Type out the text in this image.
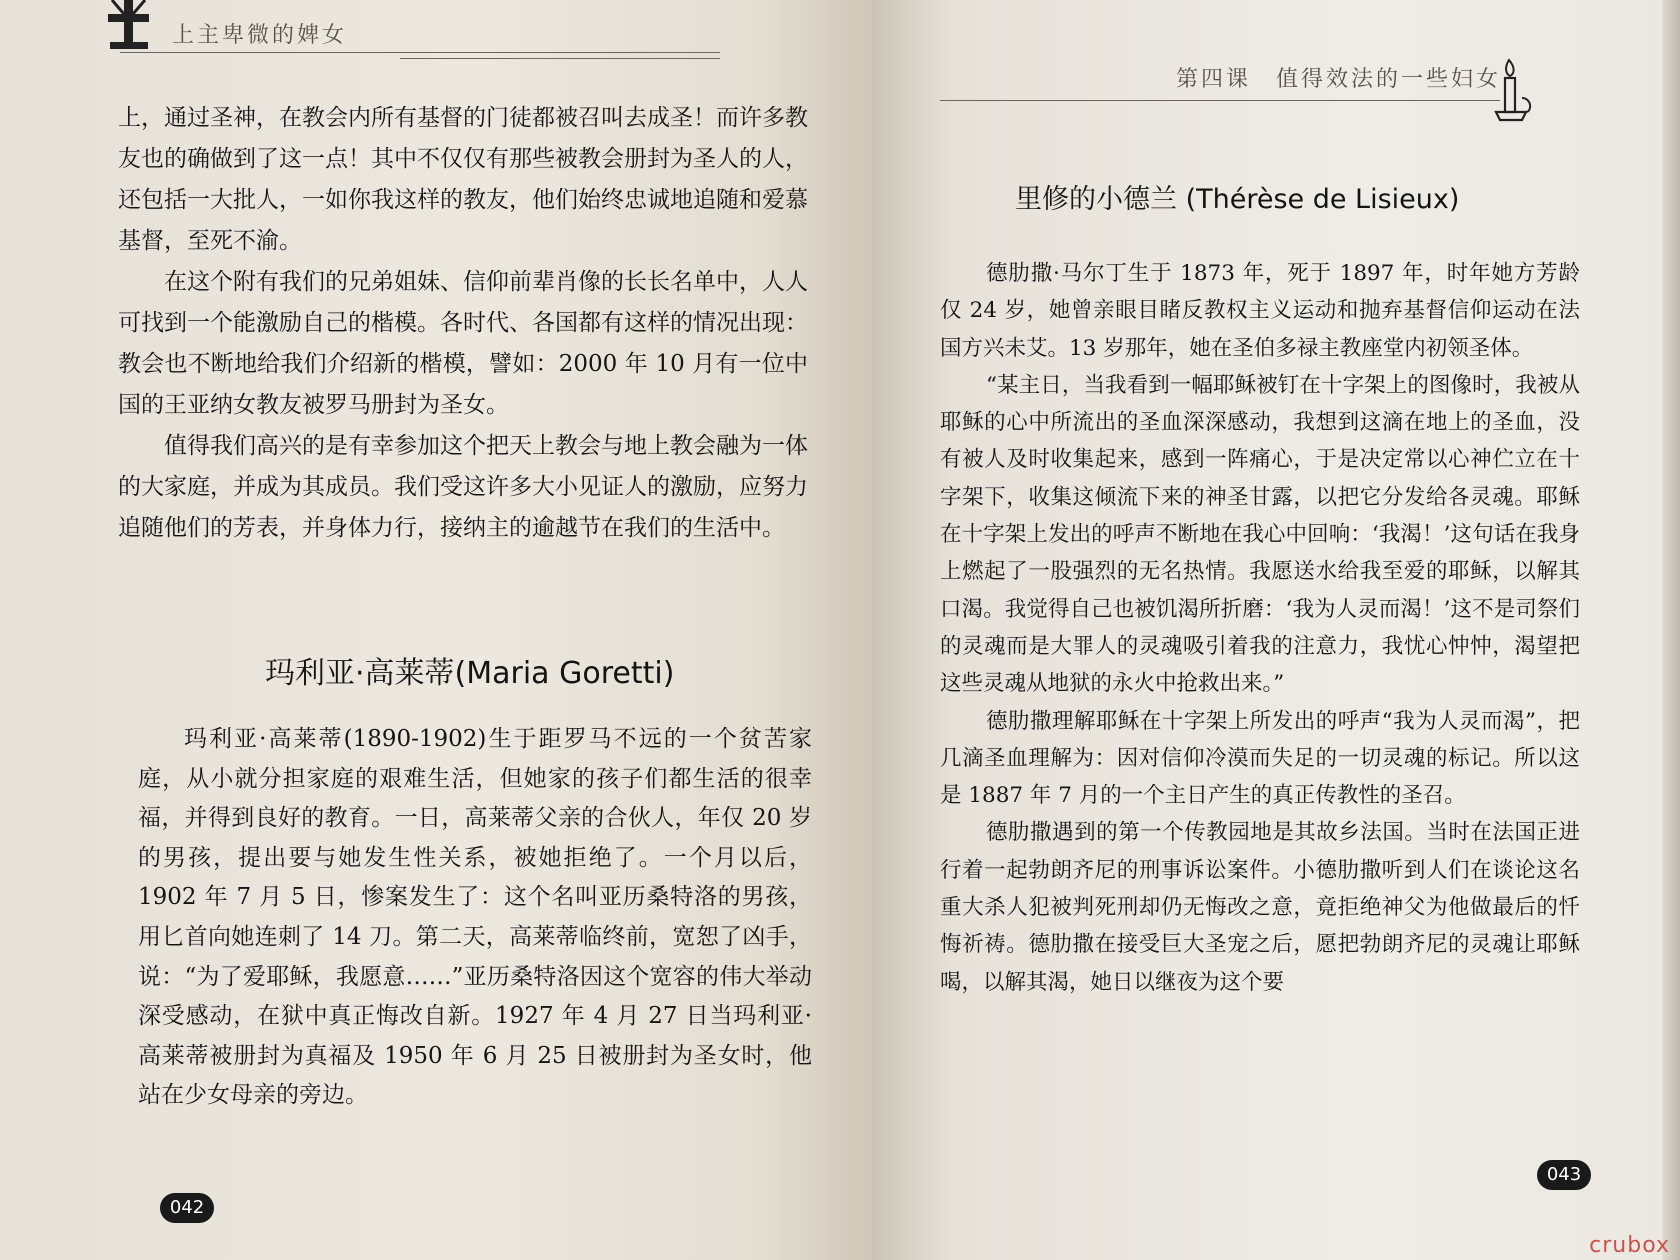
上主卑微的婢女

上，通过圣神，在教会内所有基督的门徒都被召叫去成圣！而许多教友也的确做到了这一点！其中不仅仅有那些被教会册封为圣人的人，还包括一大批人，一如你我这样的教友，他们始终忠诚地追随和爱慕基督，至死不渝。

在这个附有我们的兄弟姐妹、信仰前辈肖像的长长名单中，人人可找到一个能激励自己的楷模。各时代、各国都有这样的情况出现：教会也不断地给我们介绍新的楷模，譬如：2000 年 10 月有一位中国的王亚纳女教友被罗马册封为圣女。

值得我们高兴的是有幸参加这个把天上教会与地上教会融为一体的大家庭，并成为其成员。我们受这许多大小见证人的激励，应努力追随他们的芳表，并身体力行，接纳主的逾越节在我们的生活中。

玛利亚·高莱蒂(Maria Goretti)

玛利亚·高莱蒂(1890-1902)生于距罗马不远的一个贫苦家庭，从小就分担家庭的艰难生活，但她家的孩子们都生活的很幸福，并得到良好的教育。一日，高莱蒂父亲的合伙人，年仅 20 岁的男孩，提出要与她发生性关系，被她拒绝了。一个月以后，1902 年 7 月 5 日，惨案发生了：这个名叫亚历桑特洛的男孩，用匕首向她连刺了 14 刀。第二天，高莱蒂临终前，宽恕了凶手，说：“为了爱耶稣，我愿意……”亚历桑特洛因这个宽容的伟大举动深受感动，在狱中真正悔改自新。1927 年 4 月 27 日当玛利亚·高莱蒂被册封为真福及 1950 年 6 月 25 日被册封为圣女时，他站在少女母亲的旁边。

042
第四课　值得效法的一些妇女
里修的小德兰 (Thérèse de Lisieux)

德肋撒·马尔丁生于 1873 年，死于 1897 年，时年她方芳龄仅 24 岁，她曾亲眼目睹反教权主义运动和抛弃基督信仰运动在法国方兴未艾。13 岁那年，她在圣伯多禄主教座堂内初领圣体。

“某主日，当我看到一幅耶稣被钉在十字架上的图像时，我被从耶稣的心中所流出的圣血深深感动，我想到这滴在地上的圣血，没有被人及时收集起来，感到一阵痛心，于是决定常以心神伫立在十字架下，收集这倾流下来的神圣甘露，以把它分发给各灵魂。耶稣在十字架上发出的呼声不断地在我心中回响：‘我渴！’这句话在我身上燃起了一股强烈的无名热情。我愿送水给我至爱的耶稣，以解其口渴。我觉得自己也被饥渴所折磨：‘我为人灵而渴！’这不是司祭们的灵魂而是大罪人的灵魂吸引着我的注意力，我忧心忡忡，渴望把这些灵魂从地狱的永火中抢救出来。”

德肋撒理解耶稣在十字架上所发出的呼声“我为人灵而渴”，把几滴圣血理解为：因对信仰冷漠而失足的一切灵魂的标记。所以这是 1887 年 7 月的一个主日产生的真正传教性的圣召。

德肋撒遇到的第一个传教园地是其故乡法国。当时在法国正进行着一起勃朗齐尼的刑事诉讼案件。小德肋撒听到人们在谈论这名重大杀人犯被判死刑却仍无悔改之意，竟拒绝神父为他做最后的忏悔祈祷。德肋撒在接受巨大圣宠之后，愿把勃朗齐尼的灵魂让耶稣喝，以解其渴，她日以继夜为这个要

043
crubox
